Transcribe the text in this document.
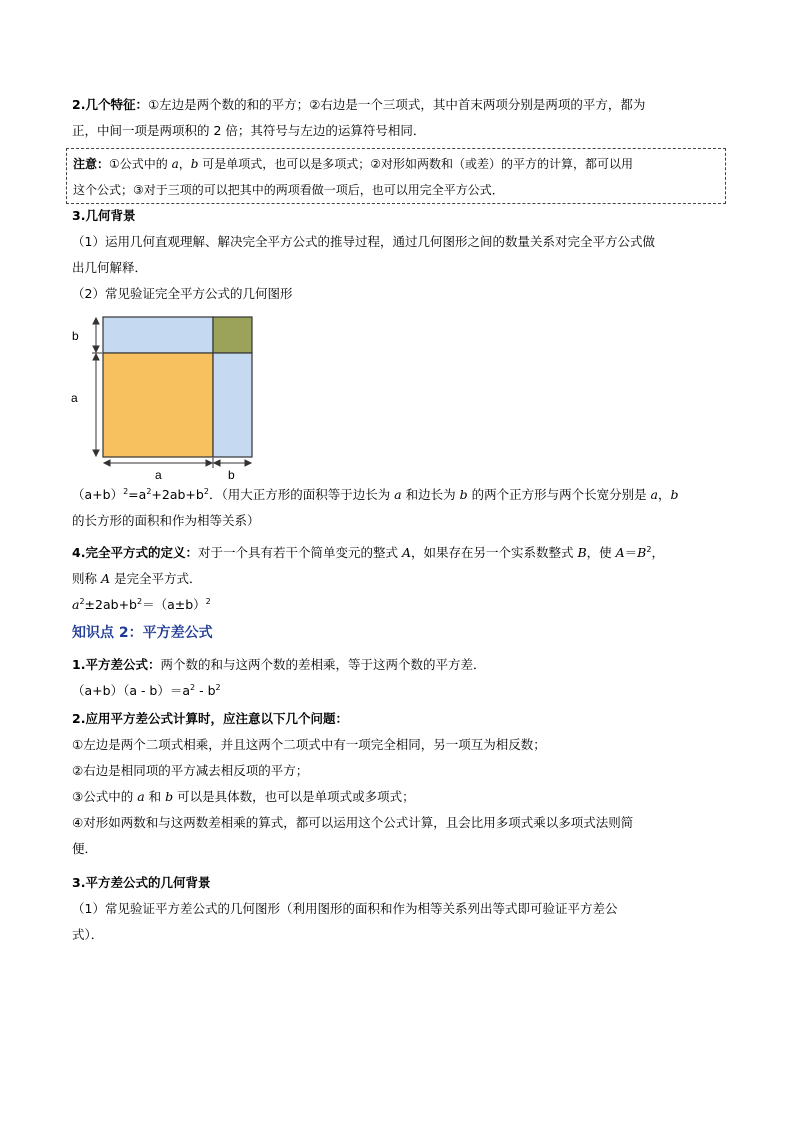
2.几个特征：①左边是两个数的和的平方；②右边是一个三项式，其中首末两项分别是两项的平方，都为
正，中间一项是两项积的 2 倍；其符号与左边的运算符号相同．

注意：①公式中的 a，b 可是单项式，也可以是多项式；②对形如两数和（或差）的平方的计算，都可以用
这个公式；③对于三项的可以把其中的两项看做一项后，也可以用完全平方公式．

3.几何背景
（1）运用几何直观理解、解决完全平方公式的推导过程，通过几何图形之间的数量关系对完全平方公式做
出几何解释．
（2）常见验证完全平方公式的几何图形

b
a
a	b

$(a+b)^2=a^2+2ab+b^2$．（用大正方形的面积等于边长为 a 和边长为 b 的两个正方形与两个长宽分别是 a，b
的长方形的面积和作为相等关系）

4.完全平方式的定义：对于一个具有若干个简单变元的整式 A，如果存在另一个实系数整式 B，使 $A=B^2$，
则称 A 是完全平方式．
$a^2\pm 2ab+b^2=(a\pm b)^2$

知识点 2：平方差公式

1.平方差公式：两个数的和与这两个数的差相乘，等于这两个数的平方差．
$(a+b)(a - b)=a^2 - b^2$

2.应用平方差公式计算时，应注意以下几个问题：
①左边是两个二项式相乘，并且这两个二项式中有一项完全相同，另一项互为相反数；
②右边是相同项的平方减去相反项的平方；
③公式中的 a 和 b 可以是具体数，也可以是单项式或多项式；
④对形如两数和与这两数差相乘的算式，都可以运用这个公式计算，且会比用多项式乘以多项式法则简
便．

3.平方差公式的几何背景
（1）常见验证平方差公式的几何图形（利用图形的面积和作为相等关系列出等式即可验证平方差公
式）．
